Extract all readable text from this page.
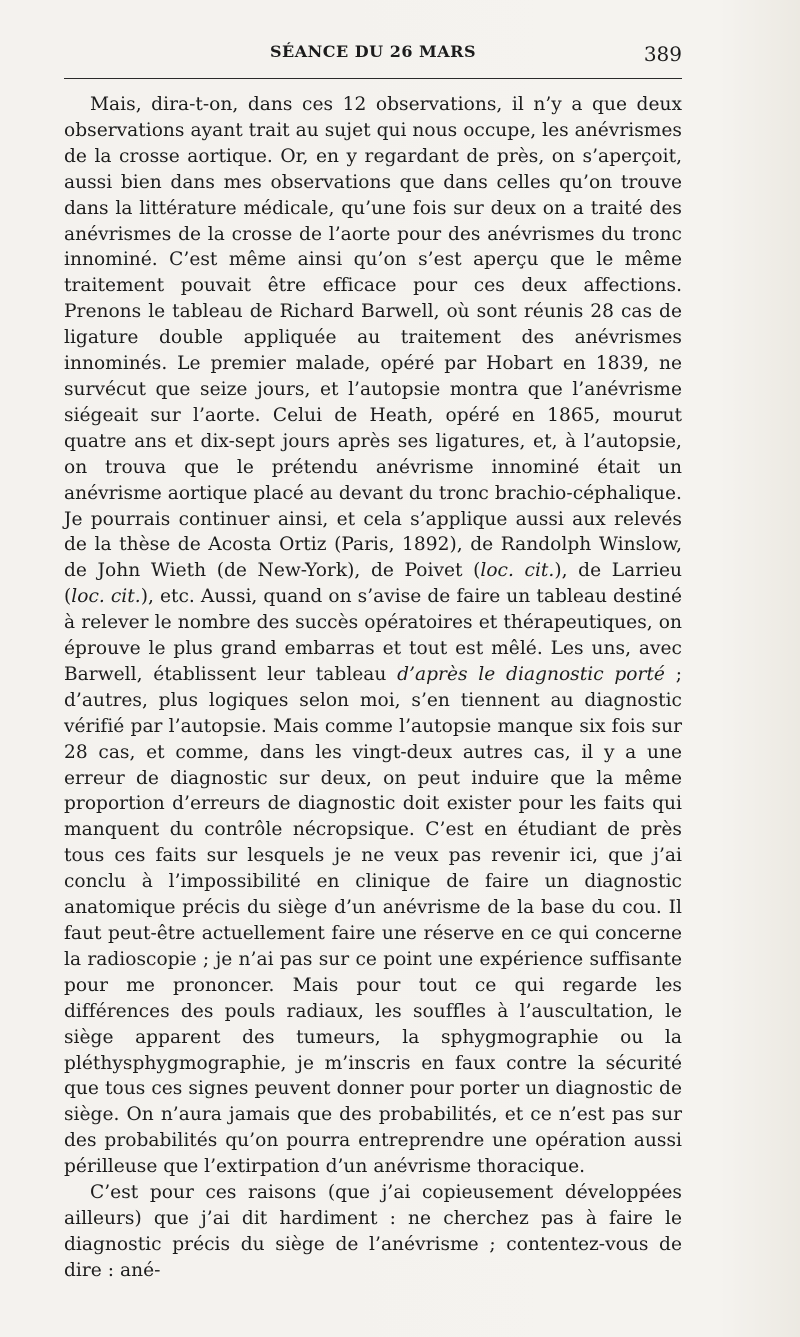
SÉANCE DU 26 MARS	389

Mais, dira-t-on, dans ces 12 observations, il n’y a que deux observations ayant trait au sujet qui nous occupe, les anévrismes de la crosse aortique. Or, en y regardant de près, on s’aperçoit, aussi bien dans mes observations que dans celles qu’on trouve dans la littérature médicale, qu’une fois sur deux on a traité des anévrismes de la crosse de l’aorte pour des anévrismes du tronc innominé. C’est même ainsi qu’on s’est aperçu que le même traitement pouvait être efficace pour ces deux affections. Prenons le tableau de Richard Barwell, où sont réunis 28 cas de ligature double appliquée au traitement des anévrismes innominés. Le premier malade, opéré par Hobart en 1839, ne survécut que seize jours, et l’autopsie montra que l’anévrisme siégeait sur l’aorte. Celui de Heath, opéré en 1865, mourut quatre ans et dix-sept jours après ses ligatures, et, à l’autopsie, on trouva que le prétendu anévrisme innominé était un anévrisme aortique placé au devant du tronc brachio-céphalique. Je pourrais continuer ainsi, et cela s’applique aussi aux relevés de la thèse de Acosta Ortiz (Paris, 1892), de Randolph Winslow, de John Wieth (de New-York), de Poivet (loc. cit.), de Larrieu (loc. cit.), etc. Aussi, quand on s’avise de faire un tableau destiné à relever le nombre des succès opératoires et thérapeutiques, on éprouve le plus grand embarras et tout est mêlé. Les uns, avec Barwell, établissent leur tableau d’après le diagnostic porté ; d’autres, plus logiques selon moi, s’en tiennent au diagnostic vérifié par l’autopsie. Mais comme l’autopsie manque six fois sur 28 cas, et comme, dans les vingt-deux autres cas, il y a une erreur de diagnostic sur deux, on peut induire que la même proportion d’erreurs de diagnostic doit exister pour les faits qui manquent du contrôle nécropsique. C’est en étudiant de près tous ces faits sur lesquels je ne veux pas revenir ici, que j’ai conclu à l’impossibilité en clinique de faire un diagnostic anatomique précis du siège d’un anévrisme de la base du cou. Il faut peut-être actuellement faire une réserve en ce qui concerne la radioscopie ; je n’ai pas sur ce point une expérience suffisante pour me prononcer. Mais pour tout ce qui regarde les différences des pouls radiaux, les souffles à l’auscultation, le siège apparent des tumeurs, la sphygmographie ou la pléthysphygmographie, je m’inscris en faux contre la sécurité que tous ces signes peuvent donner pour porter un diagnostic de siège. On n’aura jamais que des probabilités, et ce n’est pas sur des probabilités qu’on pourra entreprendre une opération aussi périlleuse que l’extirpation d’un anévrisme thoracique.

C’est pour ces raisons (que j’ai copieusement développées ailleurs) que j’ai dit hardiment : ne cherchez pas à faire le diagnostic précis du siège de l’anévrisme ; contentez-vous de dire : ané-
